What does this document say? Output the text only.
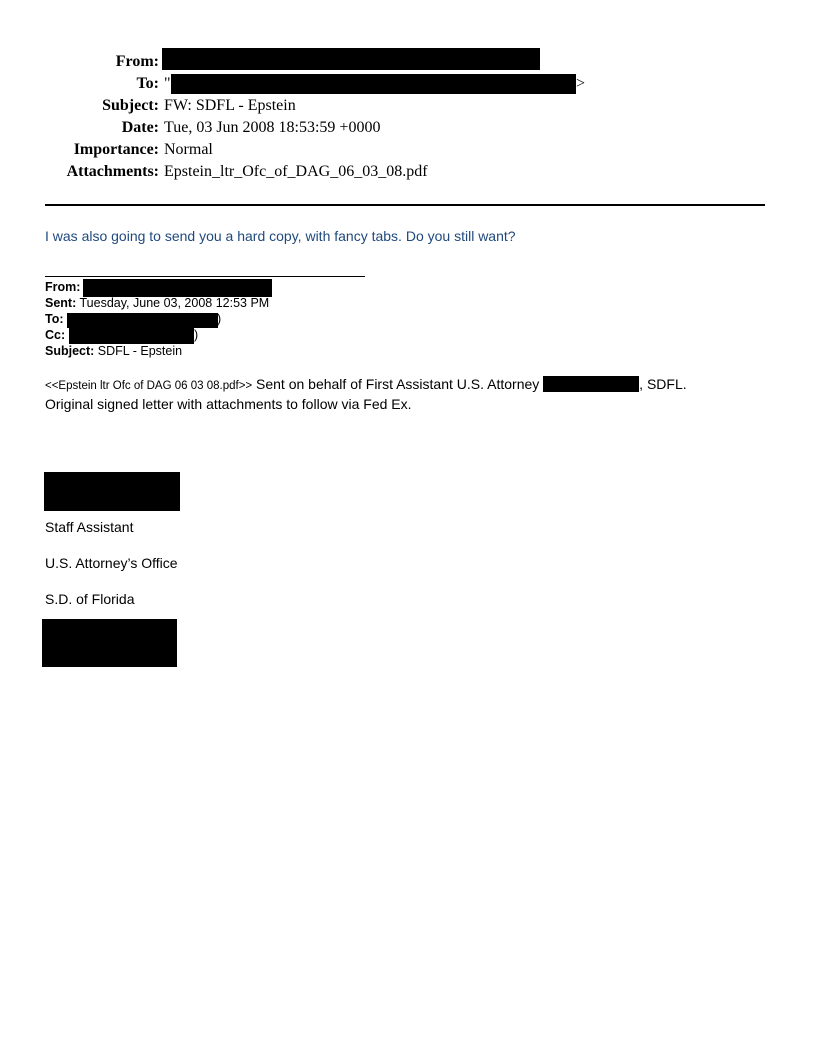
From:
To: "	>
Subject: FW: SDFL - Epstein
Date: Tue, 03 Jun 2008 18:53:59 +0000
Importance: Normal
Attachments: Epstein_ltr_Ofc_of_DAG_06_03_08.pdf
I was also going to send you a hard copy, with fancy tabs. Do you still want?
From:
Sent: Tuesday, June 03, 2008 12:53 PM
To:	)
Cc:	)
Subject: SDFL - Epstein
<<Epstein ltr Ofc of DAG 06 03 08.pdf>> Sent on behalf of First Assistant U.S. Attorney	, SDFL.
Original signed letter with attachments to follow via Fed Ex.
Staff Assistant
U.S. Attorney’s Office
S.D. of Florida
